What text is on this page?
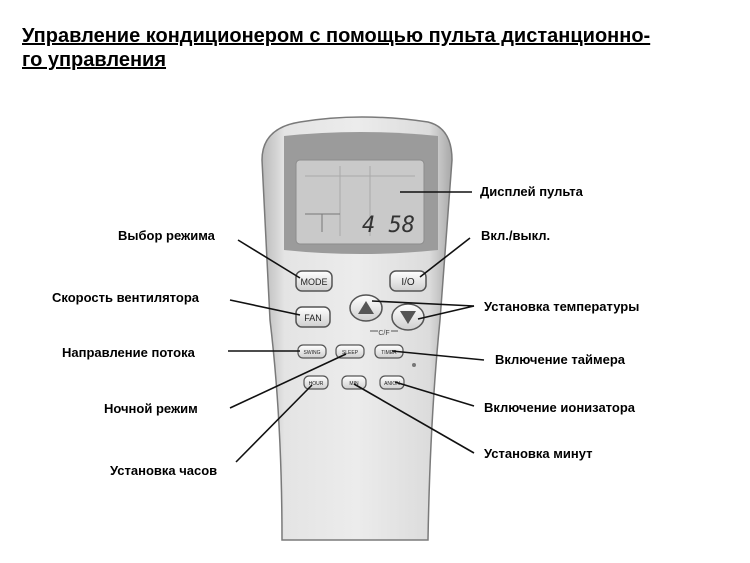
Управление кондиционером с помощью пульта дистанционно-
го управления
4 58
MODE	I/O
FAN
C/F
SWING	SLEEP	TIMER
HOUR	MIN	ANION
Дисплей пульта
Выбор режима	Вкл./выкл.
Скорость вентилятора
Установка температуры
Направление потока	Включение таймера
Ночной режим	Включение ионизатора
Установка минут
Установка часов
